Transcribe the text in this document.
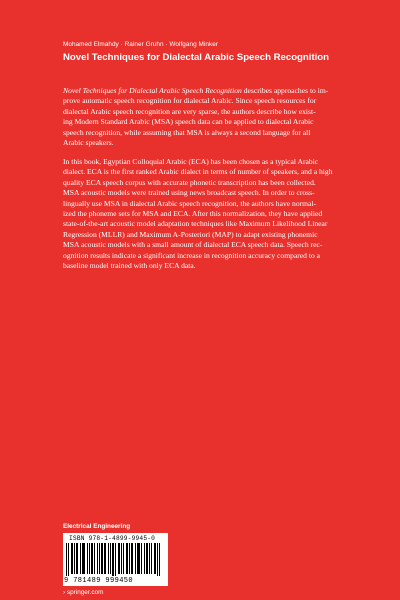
Mohamed Elmahdy · Rainer Gruhn · Wolfgang Minker
Novel Techniques for Dialectal Arabic Speech Recognition
Novel Techniques for Dialectal Arabic Speech Recognition describes approaches to im-
prove automatic speech recognition for dialectal Arabic. Since speech resources for
dialectal Arabic speech recognition are very sparse, the authors describe how exist-
ing Modern Standard Arabic (MSA) speech data can be applied to dialectal Arabic
speech recognition, while assuming that MSA is always a second language for all
Arabic speakers.
In this book, Egyptian Colloquial Arabic (ECA) has been chosen as a typical Arabic
dialect. ECA is the first ranked Arabic dialect in terms of number of speakers, and a high
quality ECA speech corpus with accurate phonetic transcription has been collected.
MSA acoustic models were trained using news broadcast speech. In order to cross-
lingually use MSA in dialectal Arabic speech recognition, the authors have normal-
ized the phoneme sets for MSA and ECA. After this normalization, they have applied
state-of-the-art acoustic model adaptation techniques like Maximum Likelihood Linear
Regression (MLLR) and Maximum A-Posteriori (MAP) to adapt existing phonemic
MSA acoustic models with a small amount of dialectal ECA speech data. Speech rec-
ognition results indicate a significant increase in recognition accuracy compared to a
baseline model trained with only ECA data.
Electrical Engineering
ISBN 978-1-4899-9945-0
9 781489 999450
› springer.com
